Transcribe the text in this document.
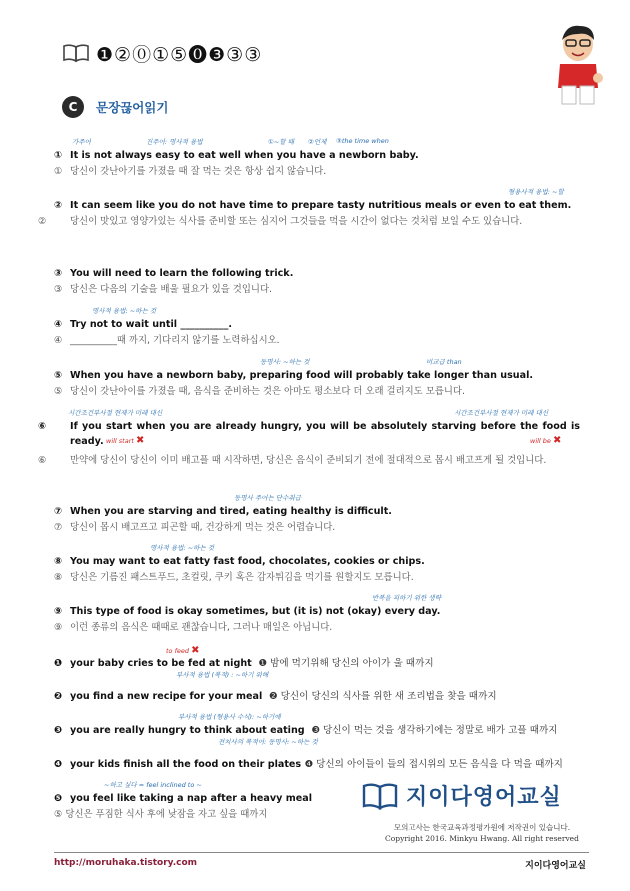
❶②⓪①⑤⓿❸③③
C	문장끊어읽기
가주어	진주어: 명사적 용법	①~할 때 ②언제 ③the time when
① It is not always easy to eat well when you have a newborn baby.
① 당신이 갓난아기를 가졌을 때 잘 먹는 것은 항상 쉽지 않습니다.
형용사적 용법: ~할
② It can seem like you do not have time to prepare tasty nutritious meals or even to eat them.
②	당신이 맛있고 영양가있는 식사를 준비할 또는 심지어 그것들을 먹을 시간이 없다는 것처럼 보일 수도 있습니다.
③ You will need to learn the following trick.
③ 당신은 다음의 기술을 배울 필요가 있을 것입니다.
명사적 용법: ~하는 것
④ Try not to wait until __________.
④ __________때 까지, 기다리지 않기를 노력하십시오.
동명사: ~하는 것	비교급 than
⑤ When you have a newborn baby, preparing food will probably take longer than usual.
⑤ 당신이 갓난아이를 가졌을 때, 음식을 준비하는 것은 아마도 평소보다 더 오래 걸리지도 모릅니다.
시간조건부사절 현재가 미래 대신	시간조건부사절 현재가 미래 대신
will start ✖	will be ✖
⑥ If you start when you are already hungry, you will be absolutely starving before the food is ready.
⑥	만약에 당신이 당신이 이미 배고플 때 시작하면, 당신은 음식이 준비되기 전에 절대적으로 몹시 배고프게 될 것입니다.
동명사 주어는 단수취급
⑦ When you are starving and tired, eating healthy is difficult.
⑦ 당신이 몹시 배고프고 피곤할 때, 건강하게 먹는 것은 어렵습니다.
명사적 용법: ~하는 것
⑧ You may want to eat fatty fast food, chocolates, cookies or chips.
⑧ 당신은 기름진 패스트푸드, 초컬릿, 쿠키 혹은 감자튀김을 먹기를 원할지도 모릅니다.
반복을 피하기 위한 생략
⑨ This type of food is okay sometimes, but (it is) not (okay) every day.
⑨ 이런 종류의 음식은 때때로 괜찮습니다, 그러나 매일은 아닙니다.
to feed ✖
부사적 용법 (목적) : ~하기 위해
❶ your baby cries to be fed at night ❶ 밤에 먹기위해 당신의 아이가 울 때까지
❷ you find a new recipe for your meal ❷ 당신이 당신의 식사를 위한 새 조리법을 찾을 때까지
부사적 용법 (형용사 수식): ~하기에
전치사의 목적어: 동명사: ~하는 것
❸ you are really hungry to think about eating ❸ 당신이 먹는 것을 생각하기에는 정말로 배가 고플 때까지
❹ your kids finish all the food on their plates ❹ 당신의 아이들이 들의 접시위의 모든 음식을 다 먹을 때까지
~하고 싶다 = feel inclined to ~
❺ you feel like taking a nap after a heavy meal
⑤ 당신은 푸짐한 식사 후에 낮잠을 자고 싶을 때까지
지이다영어교실
모의고사는 한국교육과정평가원에 저작권이 있습니다.
Copyright 2016. Minkyu Hwang. All right reserved
http://moruhaka.tistory.com	지이다영어교실
